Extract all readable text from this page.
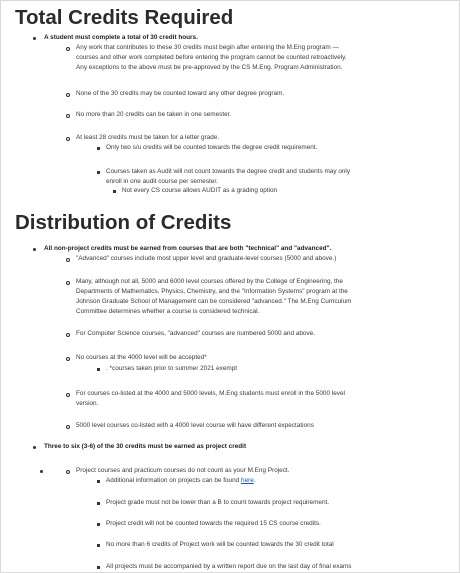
Total Credits Required

A student must complete a total of 30 credit hours.

Any work that contributes to these 30 credits must begin after entering the M.Eng program —

courses and other work completed before entering the program cannot be counted retroactively.

Any exceptions to the above must be pre-approved by the CS M.Eng. Program Administration.

None of the 30 credits may be counted toward any other degree program.

No more than 20 credits can be taken in one semester.

At least 28 credits must be taken for a letter grade.

Only two s/u credits will be counted towards the degree credit requirement.

Courses taken as Audit will not count towards the degree credit and students may only

enroll in one audit course per semester.

Not every CS course allows AUDIT as a grading option

Distribution of Credits

All non-project credits must be earned from courses that are both "technical" and "advanced".

"Advanced" courses include most upper level and graduate-level courses (5000 and above.)

Many, although not all, 5000 and 6000 level courses offered by the College of Engineering, the

Departments of Mathematics, Physics, Chemistry, and the "Information Systems" program at the

Johnson Graduate School of Management can be considered "advanced." The M.Eng Curriculum

Committee determines whether a course is considered technical.

For Computer Science courses, "advanced" courses are numbered 5000 and above.

No courses at the 4000 level will be accepted*

. *courses taken prior to summer 2021 exempt

For courses co-listed at the 4000 and 5000 levels, M.Eng students must enroll in the 5000 level

version.

5000 level courses co-listed with a 4000 level course will have different expectations

Three to six (3-6) of the 30 credits must be earned as project credit

Project courses and practicum courses do not count as your M.Eng Project.

Additional information on projects can be found here.

Project grade must not be lower than a B to count towards project requirement.

Project credit will not be counted towards the required 15 CS course credits.

No more than 6 credits of Project work will be counted towards the 30 credit total

All projects must be accompanied by a written report due on the last day of final exams
